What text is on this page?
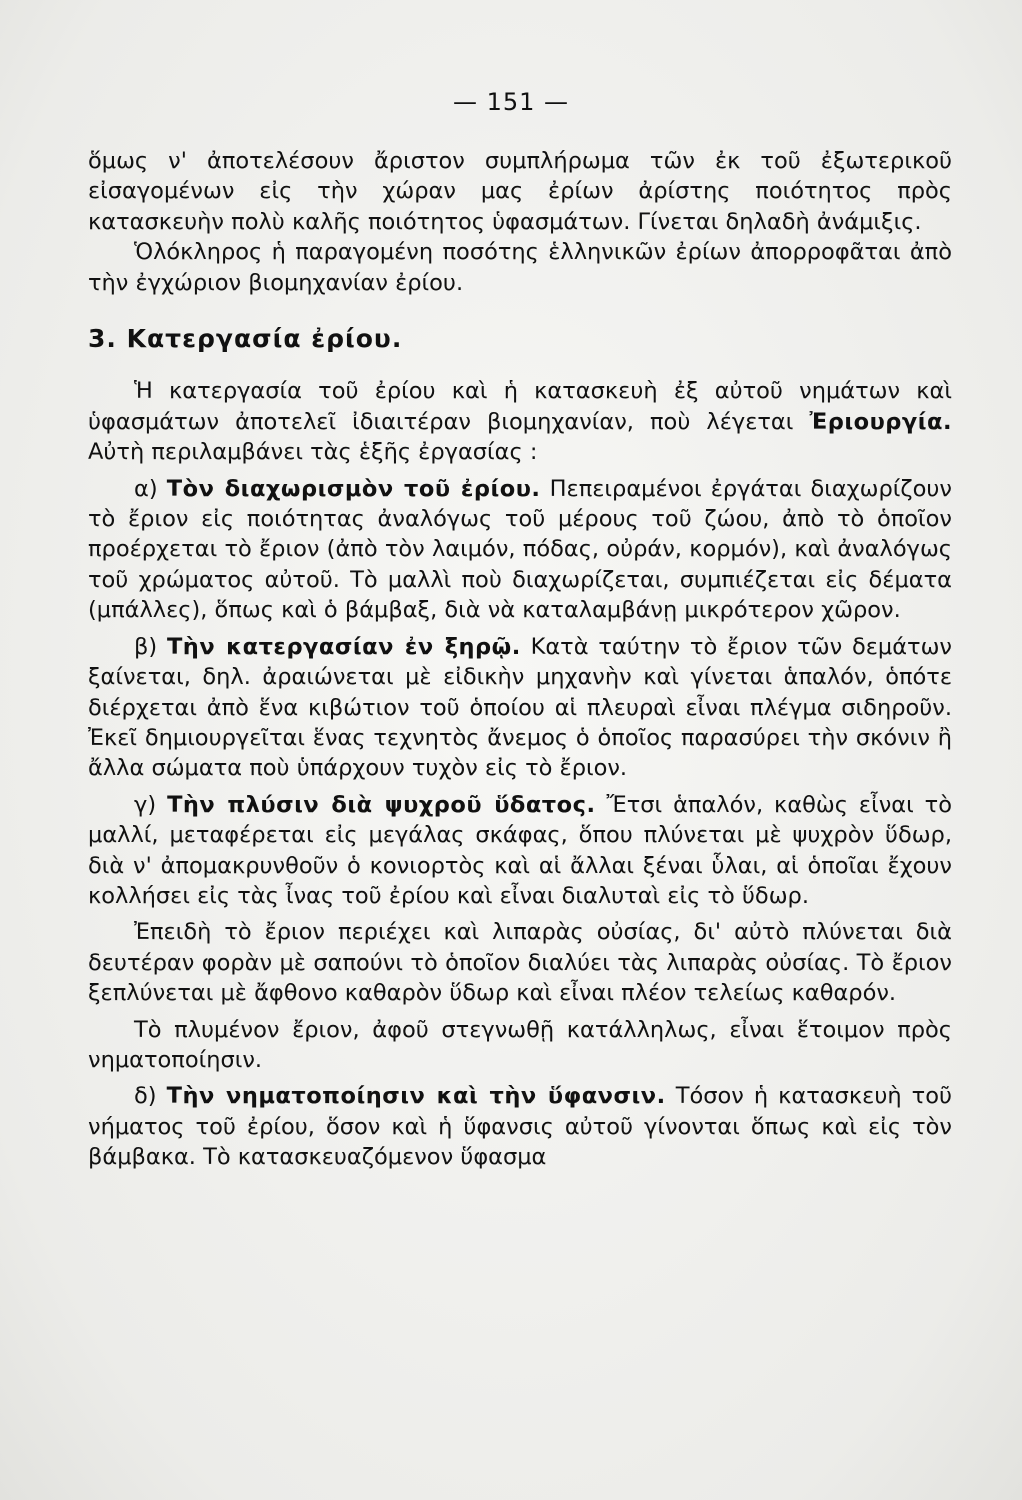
— 151 —

ὅμως ν' ἀποτελέσουν ἄριστον συμπλήρωμα τῶν ἐκ τοῦ ἐξωτερικοῦ εἰσαγομένων εἰς τὴν χώραν μας ἐρίων ἀρίστης ποιότητος πρὸς κατασκευὴν πολὺ καλῆς ποιότητος ὑφασμάτων. Γίνεται δηλαδὴ ἀνάμιξις.

Ὁλόκληρος ἡ παραγομένη ποσότης ἑλληνικῶν ἐρίων ἀπορροφᾶται ἀπὸ τὴν ἐγχώριον βιομηχανίαν ἐρίου.

3. Κατεργασία ἐρίου.

Ἡ κατεργασία τοῦ ἐρίου καὶ ἡ κατασκευὴ ἐξ αὐτοῦ νημάτων καὶ ὑφασμάτων ἀποτελεῖ ἰδιαιτέραν βιομηχανίαν, ποὺ λέγεται Ἐριουργία. Αὐτὴ περιλαμβάνει τὰς ἑξῆς ἐργασίας :

α) Τὸν διαχωρισμὸν τοῦ ἐρίου. Πεπειραμένοι ἐργάται διαχωρίζουν τὸ ἔριον εἰς ποιότητας ἀναλόγως τοῦ μέρους τοῦ ζώου, ἀπὸ τὸ ὁποῖον προέρχεται τὸ ἔριον (ἀπὸ τὸν λαιμόν, πόδας, οὐράν, κορμόν), καὶ ἀναλόγως τοῦ χρώματος αὐτοῦ. Τὸ μαλλὶ ποὺ διαχωρίζεται, συμπιέζεται εἰς δέματα (μπάλλες), ὅπως καὶ ὁ βάμβαξ, διὰ νὰ καταλαμβάνῃ μικρότερον χῶρον.

β) Τὴν κατεργασίαν ἐν ξηρῷ. Κατὰ ταύτην τὸ ἔριον τῶν δεμάτων ξαίνεται, δηλ. ἀραιώνεται μὲ εἰδικὴν μηχανὴν καὶ γίνεται ἁπαλόν, ὁπότε διέρχεται ἀπὸ ἕνα κιβώτιον τοῦ ὁποίου αἱ πλευραὶ εἶναι πλέγμα σιδηροῦν. Ἐκεῖ δημιουργεῖται ἕνας τεχνητὸς ἄνεμος ὁ ὁποῖος παρασύρει τὴν σκόνιν ἢ ἄλλα σώματα ποὺ ὑπάρχουν τυχὸν εἰς τὸ ἔριον.

γ) Τὴν πλύσιν διὰ ψυχροῦ ὕδατος. Ἔτσι ἁπαλόν, καθὼς εἶναι τὸ μαλλί, μεταφέρεται εἰς μεγάλας σκάφας, ὅπου πλύνεται μὲ ψυχρὸν ὕδωρ, διὰ ν' ἀπομακρυνθοῦν ὁ κονιορτὸς καὶ αἱ ἄλλαι ξέναι ὗλαι, αἱ ὁποῖαι ἔχουν κολλήσει εἰς τὰς ἶνας τοῦ ἐρίου καὶ εἶναι διαλυταὶ εἰς τὸ ὕδωρ.

Ἐπειδὴ τὸ ἔριον περιέχει καὶ λιπαρὰς οὐσίας, δι' αὐτὸ πλύνεται διὰ δευτέραν φορὰν μὲ σαπούνι τὸ ὁποῖον διαλύει τὰς λιπαρὰς οὐσίας. Τὸ ἔριον ξεπλύνεται μὲ ἄφθονο καθαρὸν ὕδωρ καὶ εἶναι πλέον τελείως καθαρόν.

Τὸ πλυμένον ἔριον, ἀφοῦ στεγνωθῇ κατάλληλως, εἶναι ἕτοιμον πρὸς νηματοποίησιν.

δ) Τὴν νηματοποίησιν καὶ τὴν ὕφανσιν. Τόσον ἡ κατασκευὴ τοῦ νήματος τοῦ ἐρίου, ὅσον καὶ ἡ ὕφανσις αὐτοῦ γίνονται ὅπως καὶ εἰς τὸν βάμβακα. Τὸ κατασκευαζόμενον ὕφασμα
